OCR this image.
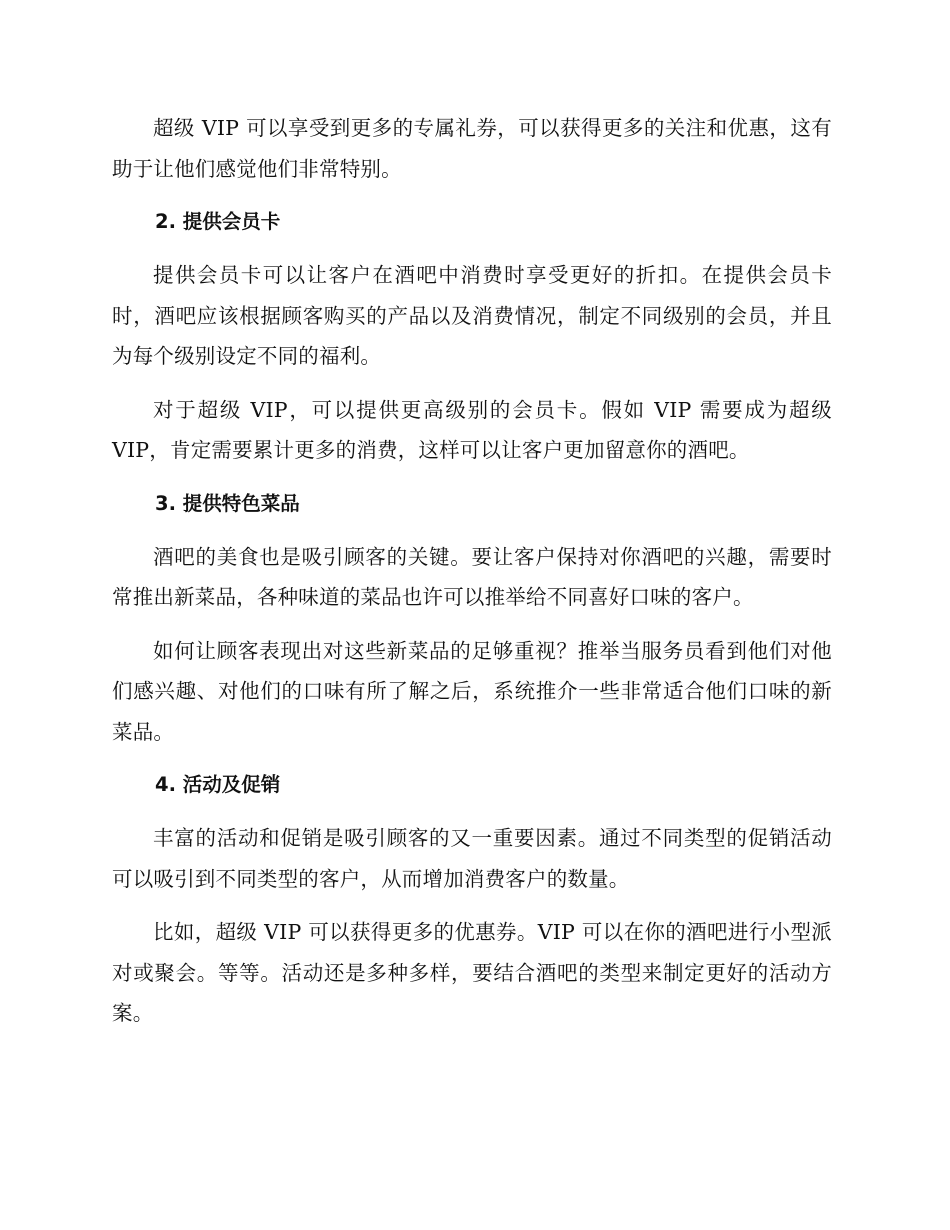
超级 VIP 可以享受到更多的专属礼券，可以获得更多的关注和优惠，这有助于让他们感觉他们非常特别。

2. 提供会员卡

提供会员卡可以让客户在酒吧中消费时享受更好的折扣。在提供会员卡时，酒吧应该根据顾客购买的产品以及消费情况，制定不同级别的会员，并且为每个级别设定不同的福利。

对于超级 VIP，可以提供更高级别的会员卡。假如 VIP 需要成为超级 VIP，肯定需要累计更多的消费，这样可以让客户更加留意你的酒吧。

3. 提供特色菜品

酒吧的美食也是吸引顾客的关键。要让客户保持对你酒吧的兴趣，需要时常推出新菜品，各种味道的菜品也许可以推举给不同喜好口味的客户。

如何让顾客表现出对这些新菜品的足够重视？推举当服务员看到他们对他们感兴趣、对他们的口味有所了解之后，系统推介一些非常适合他们口味的新菜品。

4. 活动及促销

丰富的活动和促销是吸引顾客的又一重要因素。通过不同类型的促销活动可以吸引到不同类型的客户，从而增加消费客户的数量。

比如，超级 VIP 可以获得更多的优惠券。VIP 可以在你的酒吧进行小型派对或聚会。等等。活动还是多种多样，要结合酒吧的类型来制定更好的活动方案。
